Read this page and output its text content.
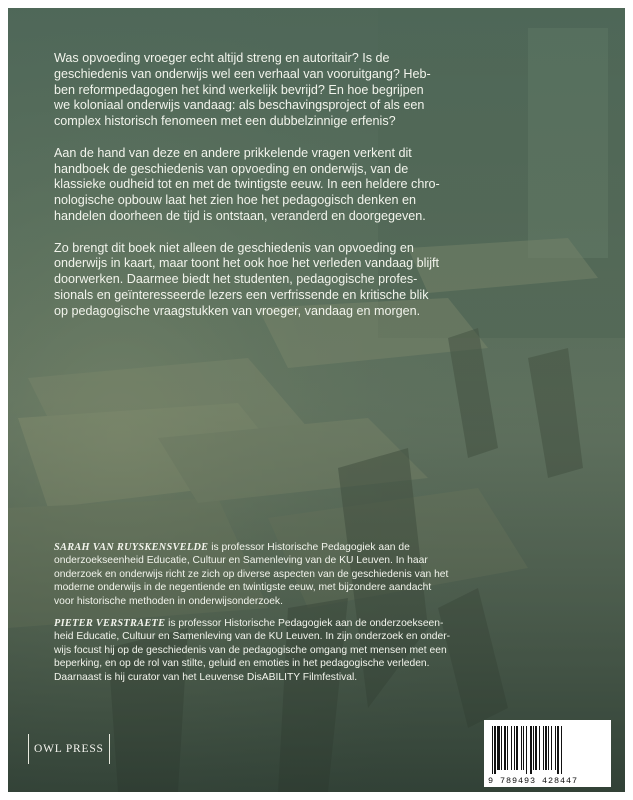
Was opvoeding vroeger echt altijd streng en autoritair? Is de
geschiedenis van onderwijs wel een verhaal van vooruitgang? Heb-
ben reformpedagogen het kind werkelijk bevrijd? En hoe begrijpen
we koloniaal onderwijs vandaag: als beschavingsproject of als een
complex historisch fenomeen met een dubbelzinnige erfenis?

Aan de hand van deze en andere prikkelende vragen verkent dit
handboek de geschiedenis van opvoeding en onderwijs, van de
klassieke oudheid tot en met de twintigste eeuw. In een heldere chro-
nologische opbouw laat het zien hoe het pedagogisch denken en
handelen doorheen de tijd is ontstaan, veranderd en doorgegeven.

Zo brengt dit boek niet alleen de geschiedenis van opvoeding en
onderwijs in kaart, maar toont het ook hoe het verleden vandaag blijft
doorwerken. Daarmee biedt het studenten, pedagogische profes-
sionals en geïnteresseerde lezers een verfrissende en kritische blik
op pedagogische vraagstukken van vroeger, vandaag en morgen.

SARAH VAN RUYSKENSVELDE is professor Historische Pedagogiek aan de
onderzoekseenheid Educatie, Cultuur en Samenleving van de KU Leuven. In haar
onderzoek en onderwijs richt ze zich op diverse aspecten van de geschiedenis van het
moderne onderwijs in de negentiende en twintigste eeuw, met bijzondere aandacht
voor historische methoden in onderwijsonderzoek.
PIETER VERSTRAETE is professor Historische Pedagogiek aan de onderzoekseen-
heid Educatie, Cultuur en Samenleving van de KU Leuven. In zijn onderzoek en onder-
wijs focust hij op de geschiedenis van de pedagogische omgang met mensen met een
beperking, en op de rol van stilte, geluid en emoties in het pedagogische verleden.
Daarnaast is hij curator van het Leuvense DisABILITY Filmfestival.
OWL PRESS
9 789493 428447
